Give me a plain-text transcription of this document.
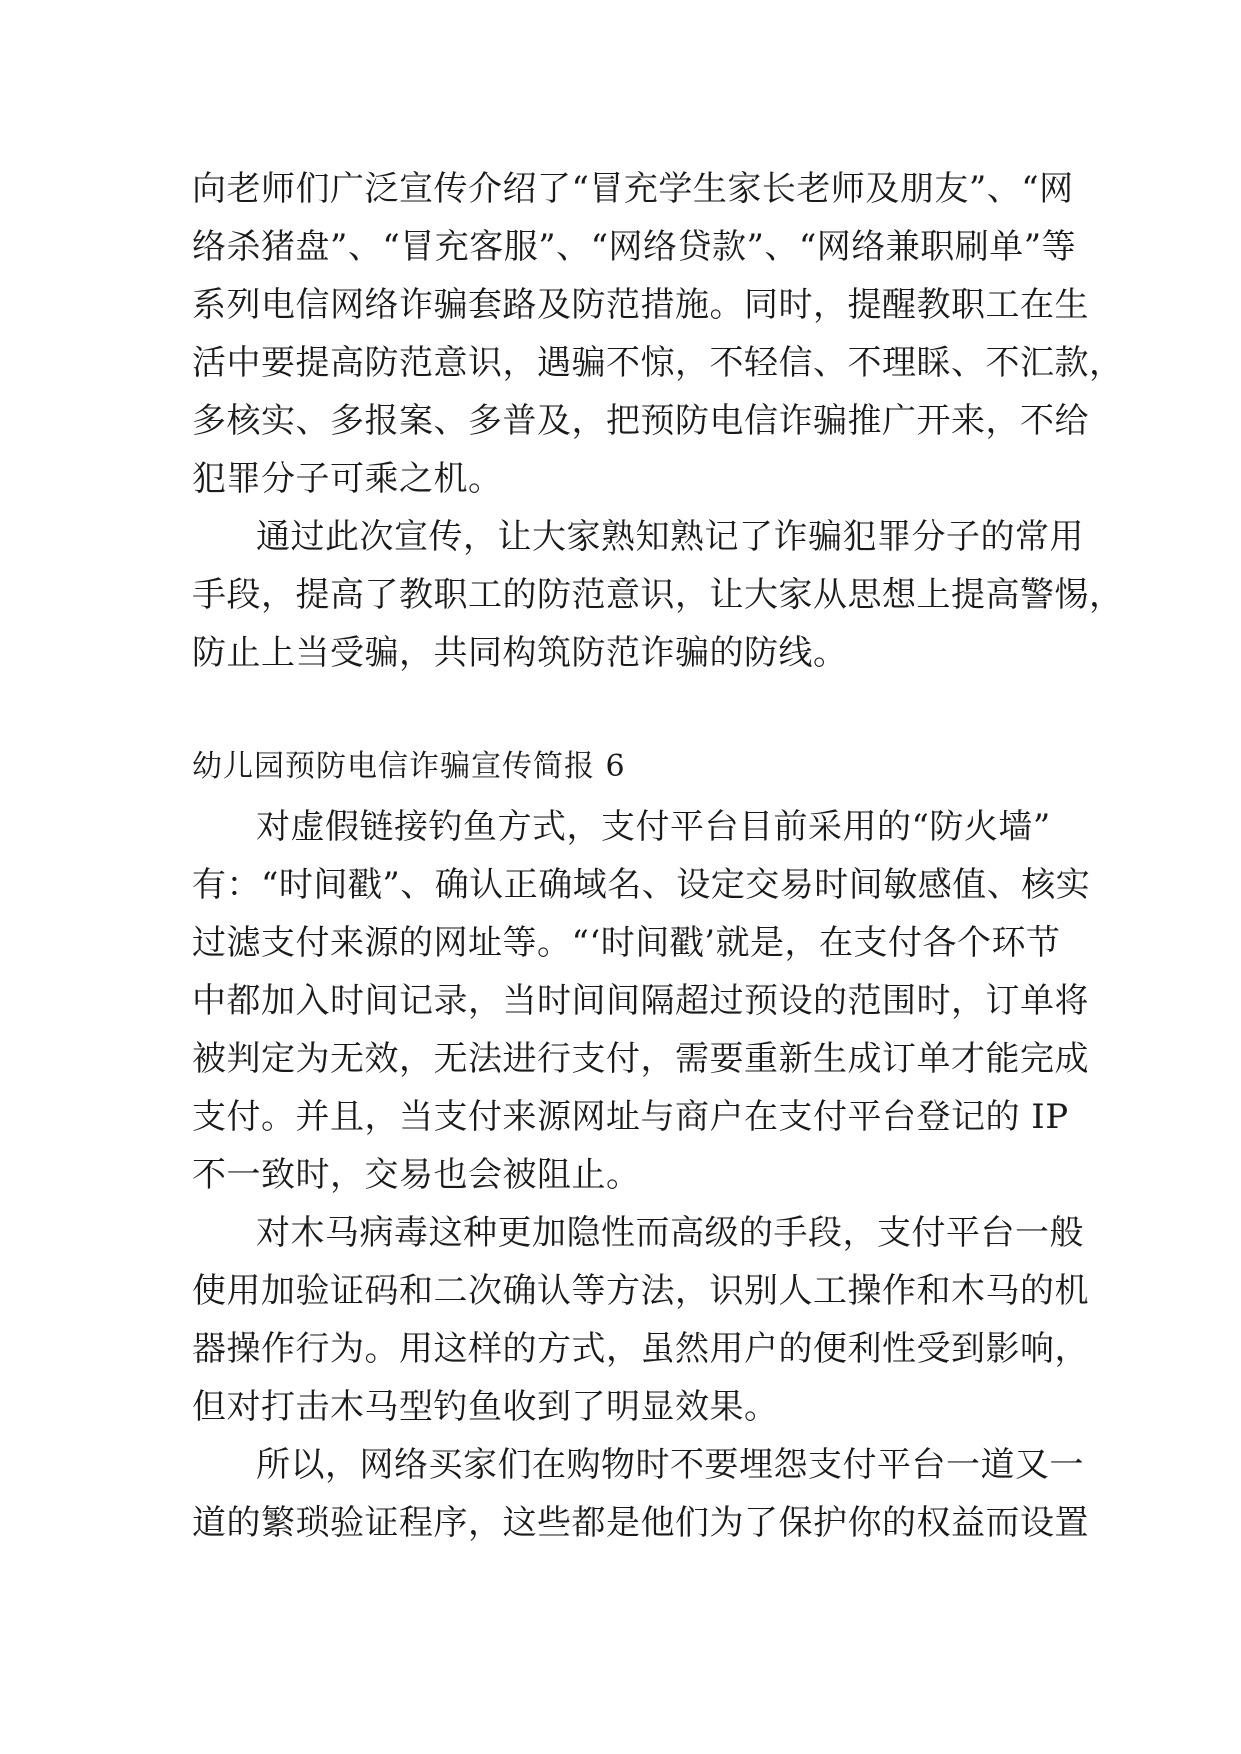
向老师们广泛宣传介绍了“冒充学生家长老师及朋友”、“网
络杀猪盘”、“冒充客服”、“网络贷款”、“网络兼职刷单”等
系列电信网络诈骗套路及防范措施。同时，提醒教职工在生
活中要提高防范意识，遇骗不惊，不轻信、不理睬、不汇款，
多核实、多报案、多普及，把预防电信诈骗推广开来，不给
犯罪分子可乘之机。
通过此次宣传，让大家熟知熟记了诈骗犯罪分子的常用
手段，提高了教职工的防范意识，让大家从思想上提高警惕，
防止上当受骗，共同构筑防范诈骗的防线。
幼儿园预防电信诈骗宣传简报 6
对虚假链接钓鱼方式，支付平台目前采用的“防火墙”
有：“时间戳”、确认正确域名、设定交易时间敏感值、核实
过滤支付来源的网址等。“‘时间戳’就是，在支付各个环节
中都加入时间记录，当时间间隔超过预设的范围时，订单将
被判定为无效，无法进行支付，需要重新生成订单才能完成
支付。并且，当支付来源网址与商户在支付平台登记的 IP
不一致时，交易也会被阻止。
对木马病毒这种更加隐性而高级的手段，支付平台一般
使用加验证码和二次确认等方法，识别人工操作和木马的机
器操作行为。用这样的方式，虽然用户的便利性受到影响，
但对打击木马型钓鱼收到了明显效果。
所以，网络买家们在购物时不要埋怨支付平台一道又一
道的繁琐验证程序，这些都是他们为了保护你的权益而设置
